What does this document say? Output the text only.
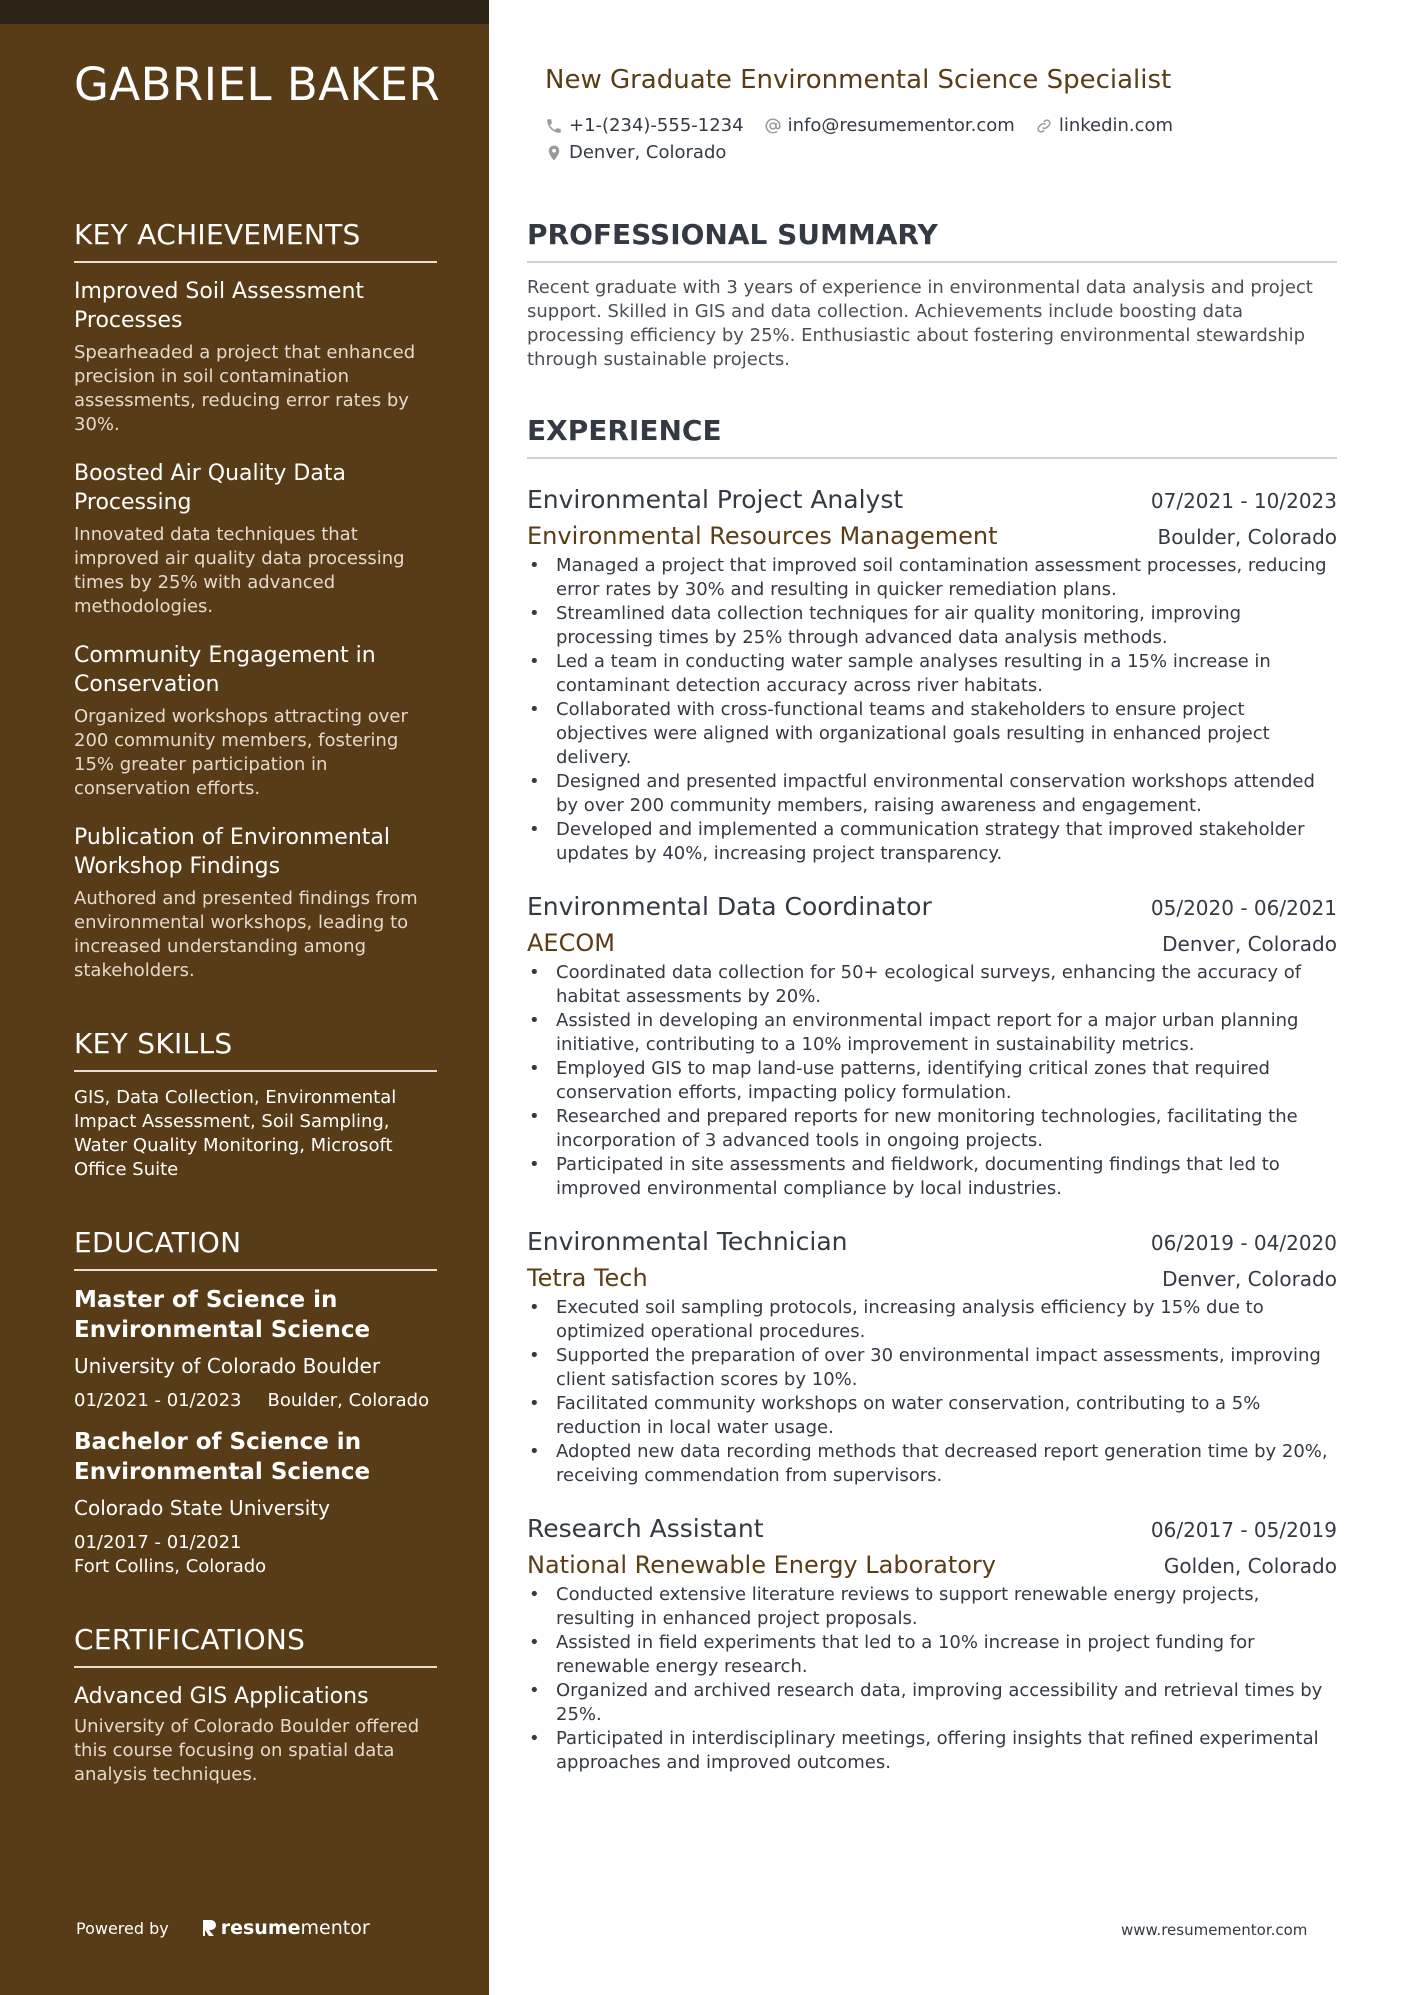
GABRIEL BAKER
KEY ACHIEVEMENTS
Improved Soil Assessment Processes
Spearheaded a project that enhanced precision in soil contamination assessments, reducing error rates by 30%.
Boosted Air Quality Data Processing
Innovated data techniques that improved air quality data processing times by 25% with advanced methodologies.
Community Engagement in Conservation
Organized workshops attracting over 200 community members, fostering 15% greater participation in conservation efforts.
Publication of Environmental Workshop Findings
Authored and presented findings from environmental workshops, leading to increased understanding among stakeholders.
KEY SKILLS
GIS, Data Collection, Environmental Impact Assessment, Soil Sampling, Water Quality Monitoring, Microsoft Office Suite
EDUCATION
Master of Science in Environmental Science
University of Colorado Boulder
01/2021 - 01/2023 Boulder, Colorado
Bachelor of Science in Environmental Science
Colorado State University
01/2017 - 01/2021
Fort Collins, Colorado
CERTIFICATIONS
Advanced GIS Applications
University of Colorado Boulder offered this course focusing on spatial data analysis techniques.
Powered by	resume mentor
New Graduate Environmental Science Specialist
+1-(234)-555-1234 info@resumementor.com linkedin.com
Denver, Colorado
PROFESSIONAL SUMMARY

Recent graduate with 3 years of experience in environmental data analysis and project support. Skilled in GIS and data collection. Achievements include boosting data processing efficiency by 25%. Enthusiastic about fostering environmental stewardship through sustainable projects.

EXPERIENCE
Environmental Project Analyst	07/2021 - 10/2023
Environmental Resources Management	Boulder, Colorado
• Managed a project that improved soil contamination assessment processes, reducing error rates by 30% and resulting in quicker remediation plans.
• Streamlined data collection techniques for air quality monitoring, improving processing times by 25% through advanced data analysis methods.
• Led a team in conducting water sample analyses resulting in a 15% increase in contaminant detection accuracy across river habitats.
• Collaborated with cross-functional teams and stakeholders to ensure project objectives were aligned with organizational goals resulting in enhanced project delivery.
• Designed and presented impactful environmental conservation workshops attended by over 200 community members, raising awareness and engagement.
• Developed and implemented a communication strategy that improved stakeholder updates by 40%, increasing project transparency.
Environmental Data Coordinator	05/2020 - 06/2021
AECOM	Denver, Colorado
• Coordinated data collection for 50+ ecological surveys, enhancing the accuracy of habitat assessments by 20%.
• Assisted in developing an environmental impact report for a major urban planning initiative, contributing to a 10% improvement in sustainability metrics.
• Employed GIS to map land-use patterns, identifying critical zones that required conservation efforts, impacting policy formulation.
• Researched and prepared reports for new monitoring technologies, facilitating the incorporation of 3 advanced tools in ongoing projects.
• Participated in site assessments and fieldwork, documenting findings that led to improved environmental compliance by local industries.
Environmental Technician	06/2019 - 04/2020
Tetra Tech	Denver, Colorado
• Executed soil sampling protocols, increasing analysis efficiency by 15% due to optimized operational procedures.
• Supported the preparation of over 30 environmental impact assessments, improving client satisfaction scores by 10%.
• Facilitated community workshops on water conservation, contributing to a 5% reduction in local water usage.
• Adopted new data recording methods that decreased report generation time by 20%, receiving commendation from supervisors.
Research Assistant	06/2017 - 05/2019
National Renewable Energy Laboratory	Golden, Colorado
• Conducted extensive literature reviews to support renewable energy projects, resulting in enhanced project proposals.
• Assisted in field experiments that led to a 10% increase in project funding for renewable energy research.
• Organized and archived research data, improving accessibility and retrieval times by 25%.
• Participated in interdisciplinary meetings, offering insights that refined experimental approaches and improved outcomes.
www.resumementor.com
